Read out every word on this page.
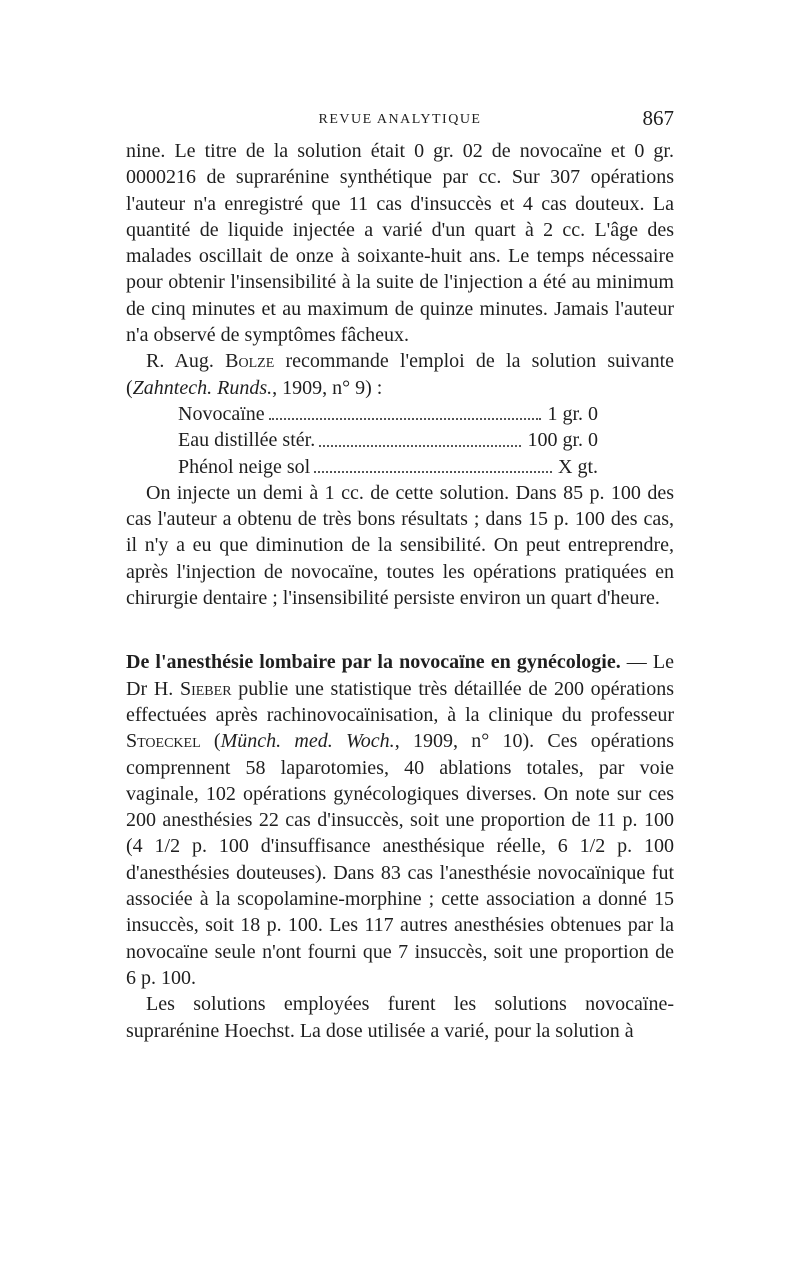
REVUE ANALYTIQUE	867

nine. Le titre de la solution était 0 gr. 02 de novocaïne et 0 gr. 0000216 de suprarénine synthétique par cc. Sur 307 opérations l'auteur n'a enregistré que 11 cas d'insuccès et 4 cas douteux. La quantité de liquide injectée a varié d'un quart à 2 cc. L'âge des malades oscillait de onze à soixante-huit ans. Le temps nécessaire pour obtenir l'insensibilité à la suite de l'injection a été au minimum de cinq minutes et au maximum de quinze minutes. Jamais l'auteur n'a observé de symptômes fâcheux.

R. Aug. Bolze recommande l'emploi de la solution suivante (Zahntech. Runds., 1909, n° 9) :

Novocaïne	1 gr. 0
Eau distillée stér.	100 gr. 0
Phénol neige sol	X gt.

On injecte un demi à 1 cc. de cette solution. Dans 85 p. 100 des cas l'auteur a obtenu de très bons résultats ; dans 15 p. 100 des cas, il n'y a eu que diminution de la sensibilité. On peut entreprendre, après l'injection de novocaïne, toutes les opérations pratiquées en chirurgie dentaire ; l'insensibilité persiste environ un quart d'heure.

De l'anesthésie lombaire par la novocaïne en gynécologie. — Le Dr H. Sieber publie une statistique très détaillée de 200 opérations effectuées après rachinovocaïnisation, à la clinique du professeur Stoeckel (Münch. med. Woch., 1909, n° 10). Ces opérations comprennent 58 laparotomies, 40 ablations totales, par voie vaginale, 102 opérations gynécologiques diverses. On note sur ces 200 anesthésies 22 cas d'insuccès, soit une proportion de 11 p. 100 (4 1/2 p. 100 d'insuffisance anesthésique réelle, 6 1/2 p. 100 d'anesthésies douteuses). Dans 83 cas l'anesthésie novocaïnique fut associée à la scopolamine-morphine ; cette association a donné 15 insuccès, soit 18 p. 100. Les 117 autres anesthésies obtenues par la novocaïne seule n'ont fourni que 7 insuccès, soit une proportion de 6 p. 100.

Les solutions employées furent les solutions novocaïne-suprarénine Hoechst. La dose utilisée a varié, pour la solution à
